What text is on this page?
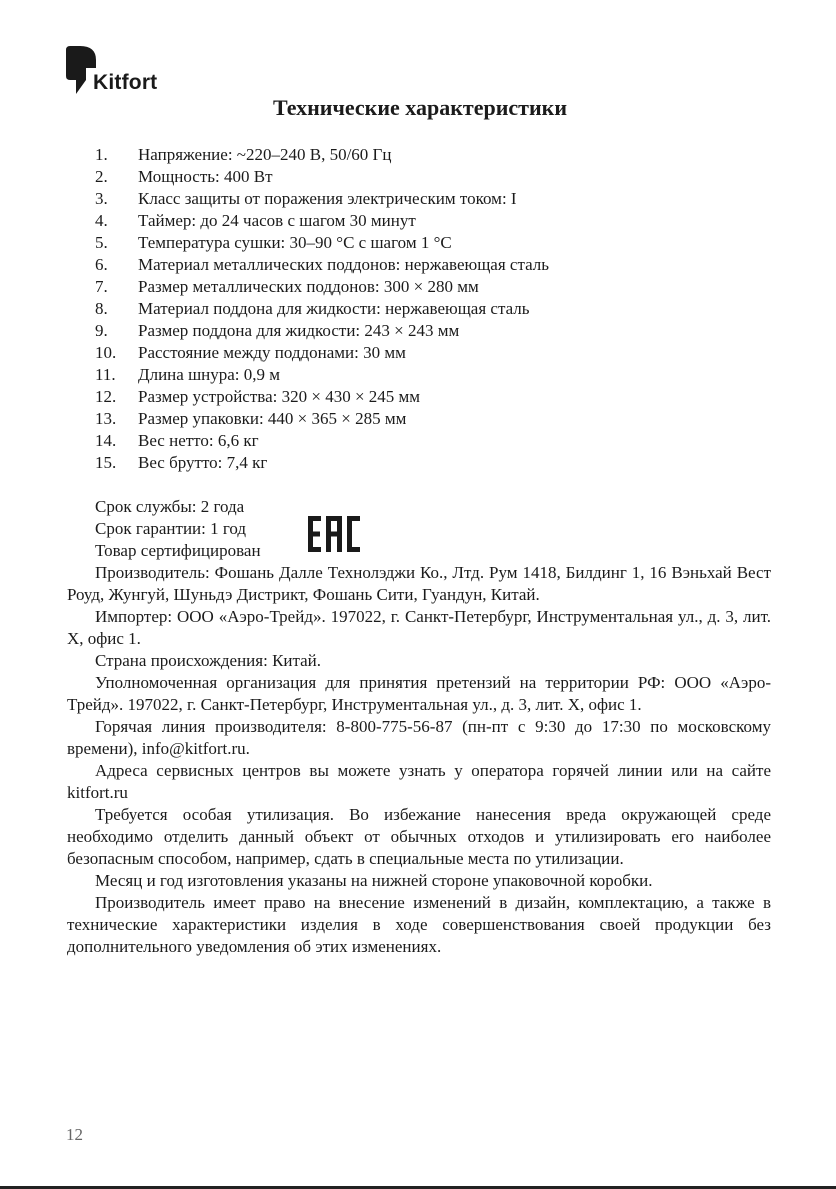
Kitfort
Технические характеристики
1. Напряжение: ~220–240 В, 50/60 Гц
2. Мощность: 400 Вт
3. Класс защиты от поражения электрическим током: I
4. Таймер: до 24 часов с шагом 30 минут
5. Температура сушки: 30–90 °С с шагом 1 °С
6. Материал металлических поддонов: нержавеющая сталь
7. Размер металлических поддонов: 300 × 280 мм
8. Материал поддона для жидкости: нержавеющая сталь
9. Размер поддона для жидкости: 243 × 243 мм
10. Расстояние между поддонами: 30 мм
11. Длина шнура: 0,9 м
12. Размер устройства: 320 × 430 × 245 мм
13. Размер упаковки: 440 × 365 × 285 мм
14. Вес нетто: 6,6 кг
15. Вес брутто: 7,4 кг
Срок службы: 2 года
Срок гарантии: 1 год
Товар сертифицирован

Производитель: Фошань Далле Технолэджи Ко., Лтд. Рум 1418, Билдинг 1, 16 Вэньхай Вест Роуд, Жунгуй, Шуньдэ Дистрикт, Фошань Сити, Гуандун, Китай.

Импортер: ООО «Аэро-Трейд». 197022, г. Санкт-Петербург, Инструментальная ул., д. 3, лит. Х, офис 1.

Страна происхождения: Китай.

Уполномоченная организация для принятия претензий на территории РФ: ООО «Аэро-Трейд». 197022, г. Санкт-Петербург, Инструментальная ул., д. 3, лит. Х, офис 1.

Горячая линия производителя: 8-800-775-56-87 (пн-пт с 9:30 до 17:30 по московскому времени), info@kitfort.ru.

Адреса сервисных центров вы можете узнать у оператора горячей линии или на сайте kitfort.ru

Требуется особая утилизация. Во избежание нанесения вреда окружающей среде необходимо отделить данный объект от обычных отходов и утилизировать его наиболее безопасным способом, например, сдать в специальные места по утилизации.

Месяц и год изготовления указаны на нижней стороне упаковочной коробки.

Производитель имеет право на внесение изменений в дизайн, комплектацию, а также в технические характеристики изделия в ходе совершенствования своей продукции без дополнительного уведомления об этих изменениях.

12
